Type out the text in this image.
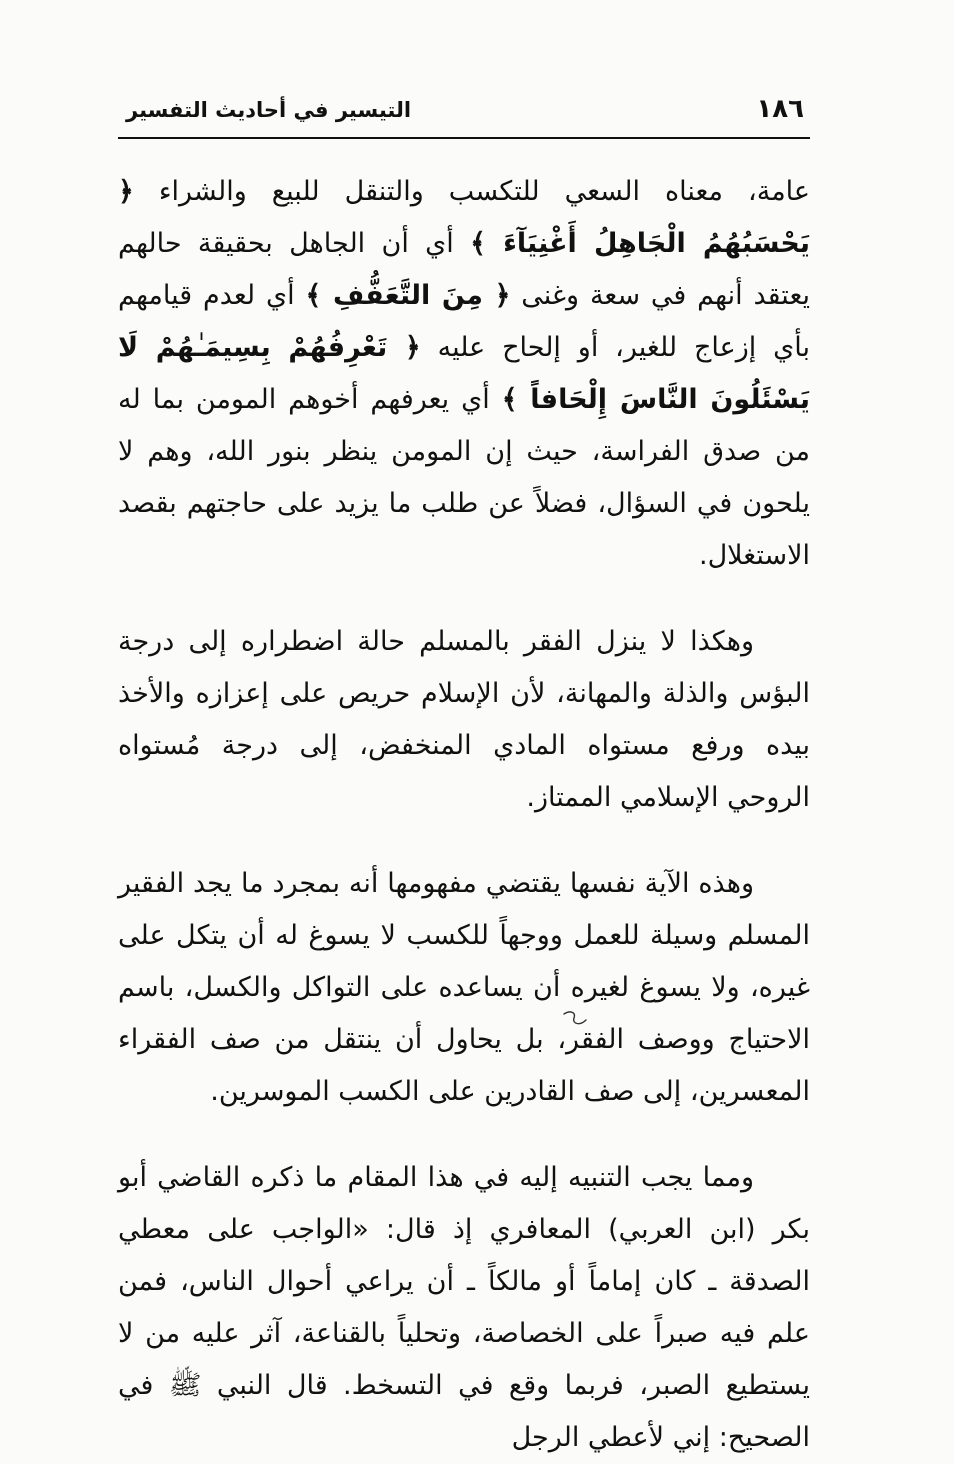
١٨٦
التيسير في أحاديث التفسير

عامة، معناه السعي للتكسب والتنقل للبيع والشراء ﴿ يَحْسَبُهُمُ الْجَاهِلُ أَغْنِيَآءَ ﴾ أي أن الجاهل بحقيقة حالهم يعتقد أنهم في سعة وغنى ﴿ مِنَ التَّعَفُّفِ ﴾ أي لعدم قيامهم بأي إزعاج للغير، أو إلحاح عليه ﴿ تَعْرِفُهُمْ بِسِيمَـٰهُمْ لَا يَسْئَلُونَ النَّاسَ إِلْحَافاً ﴾ أي يعرفهم أخوهم المومن بما له من صدق الفراسة، حيث إن المومن ينظر بنور الله، وهم لا يلحون في السؤال، فضلاً عن طلب ما يزيد على حاجتهم بقصد الاستغلال.

وهكذا لا ينزل الفقر بالمسلم حالة اضطراره إلى درجة البؤس والذلة والمهانة، لأن الإسلام حريص على إعزازه والأخذ بيده ورفع مستواه المادي المنخفض، إلى درجة مُستواه الروحي الإسلامي الممتاز.

وهذه الآية نفسها يقتضي مفهومها أنه بمجرد ما يجد الفقير المسلم وسيلة للعمل ووجهاً للكسب لا يسوغ له أن يتكل على غيره، ولا يسوغ لغيره أن يساعده على التواكل والكسل، باسم الاحتياج ووصف الفقر، بل يحاول أن ينتقل من صف الفقراء المعسرين، إلى صف القادرين على الكسب الموسرين.

ومما يجب التنبيه إليه في هذا المقام ما ذكره القاضي أبو بكر (ابن العربي) المعافري إذ قال: «الواجب على معطي الصدقة ـ كان إماماً أو مالكاً ـ أن يراعي أحوال الناس، فمن علم فيه صبراً على الخصاصة، وتحلياً بالقناعة، آثر عليه من لا يستطيع الصبر، فربما وقع في التسخط. قال النبي ﷺ في الصحيح: إني لأعطي الرجل
